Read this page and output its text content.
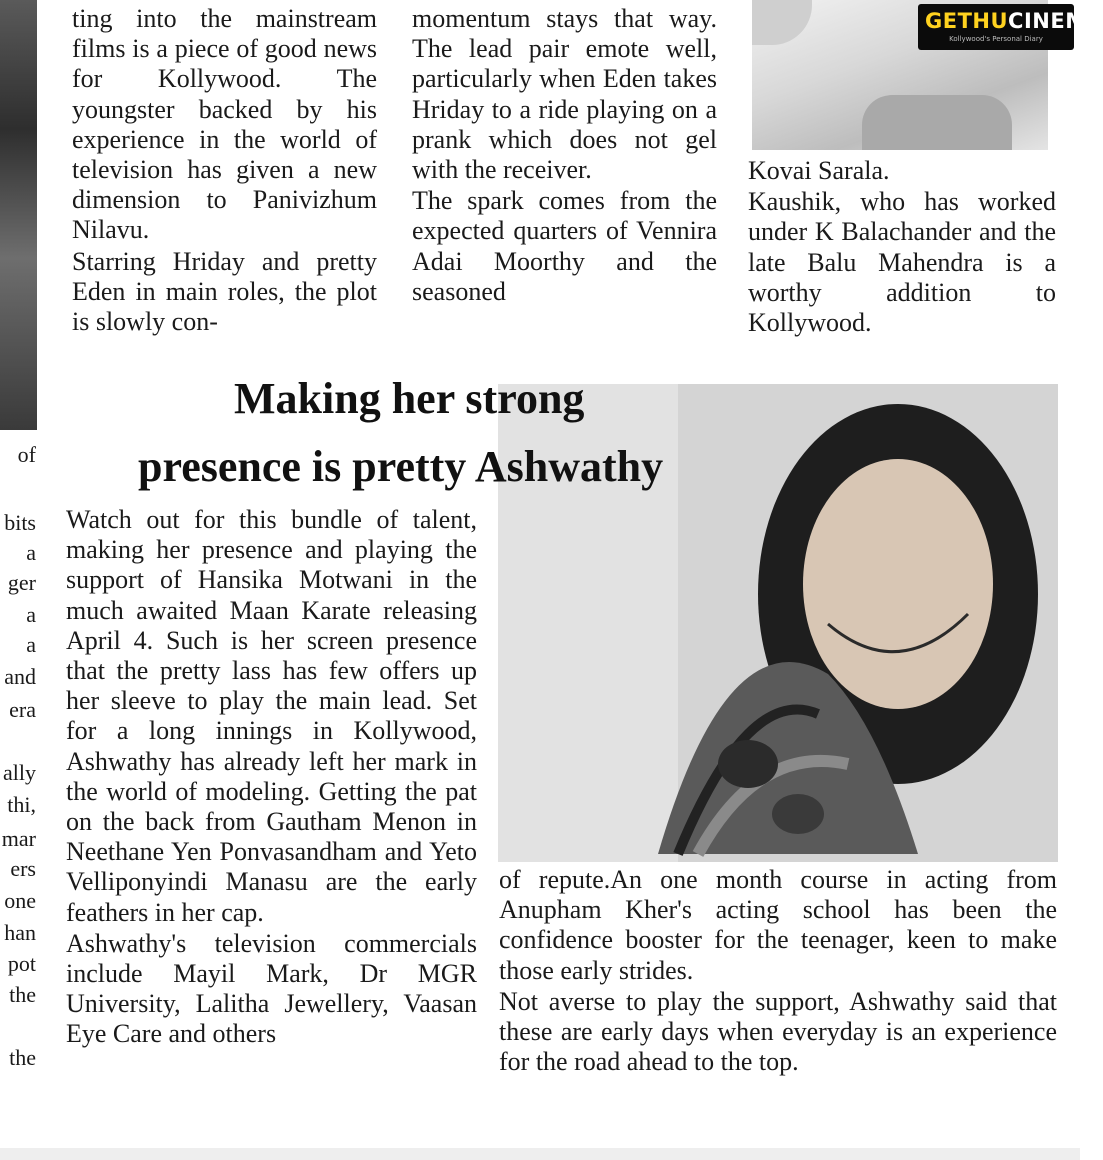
GETHUCINEMA
Kollywood's Personal Diary

ting into the mainstream films is a piece of good news for Kollywood. The youngster backed by his experience in the world of television has given a new dimension to Panivizhum Nilavu.

Starring Hriday and pretty Eden in main roles, the plot is slowly con-

momentum stays that way. The lead pair emote well, particularly when Eden takes Hriday to a ride playing on a prank which does not gel with the receiver.

The spark comes from the expected quarters of Vennira Adai Moorthy and the seasoned

Kovai Sarala.

Kaushik, who has worked under K Balachander and the late Balu Mahendra is a worthy addition to Kollywood.

Making her strong
presence is pretty Ashwathy

Watch out for this bundle of talent, making her presence and playing the support of Hansika Motwani in the much awaited Maan Karate releasing April 4. Such is her screen presence that the pretty lass has few offers up her sleeve to play the main lead. Set for a long innings in Kollywood, Ashwathy has already left her mark in the world of modeling. Getting the pat on the back from Gautham Menon in Neethane Yen Ponvasandham and Yeto Velliponyindi Manasu are the early feathers in her cap.

Ashwathy's television commercials include Mayil Mark, Dr MGR University, Lalitha Jewellery, Vaasan Eye Care and others

of repute.An one month course in acting from Anupham Kher's acting school has been the confidence booster for the teenager, keen to make those early strides.

Not averse to play the support, Ashwathy said that these are early days when everyday is an experience for the road ahead to the top.

of
bits
a
ger
a
a
and
era
ally
thi,
mar
ers
one
han
pot
the
the
